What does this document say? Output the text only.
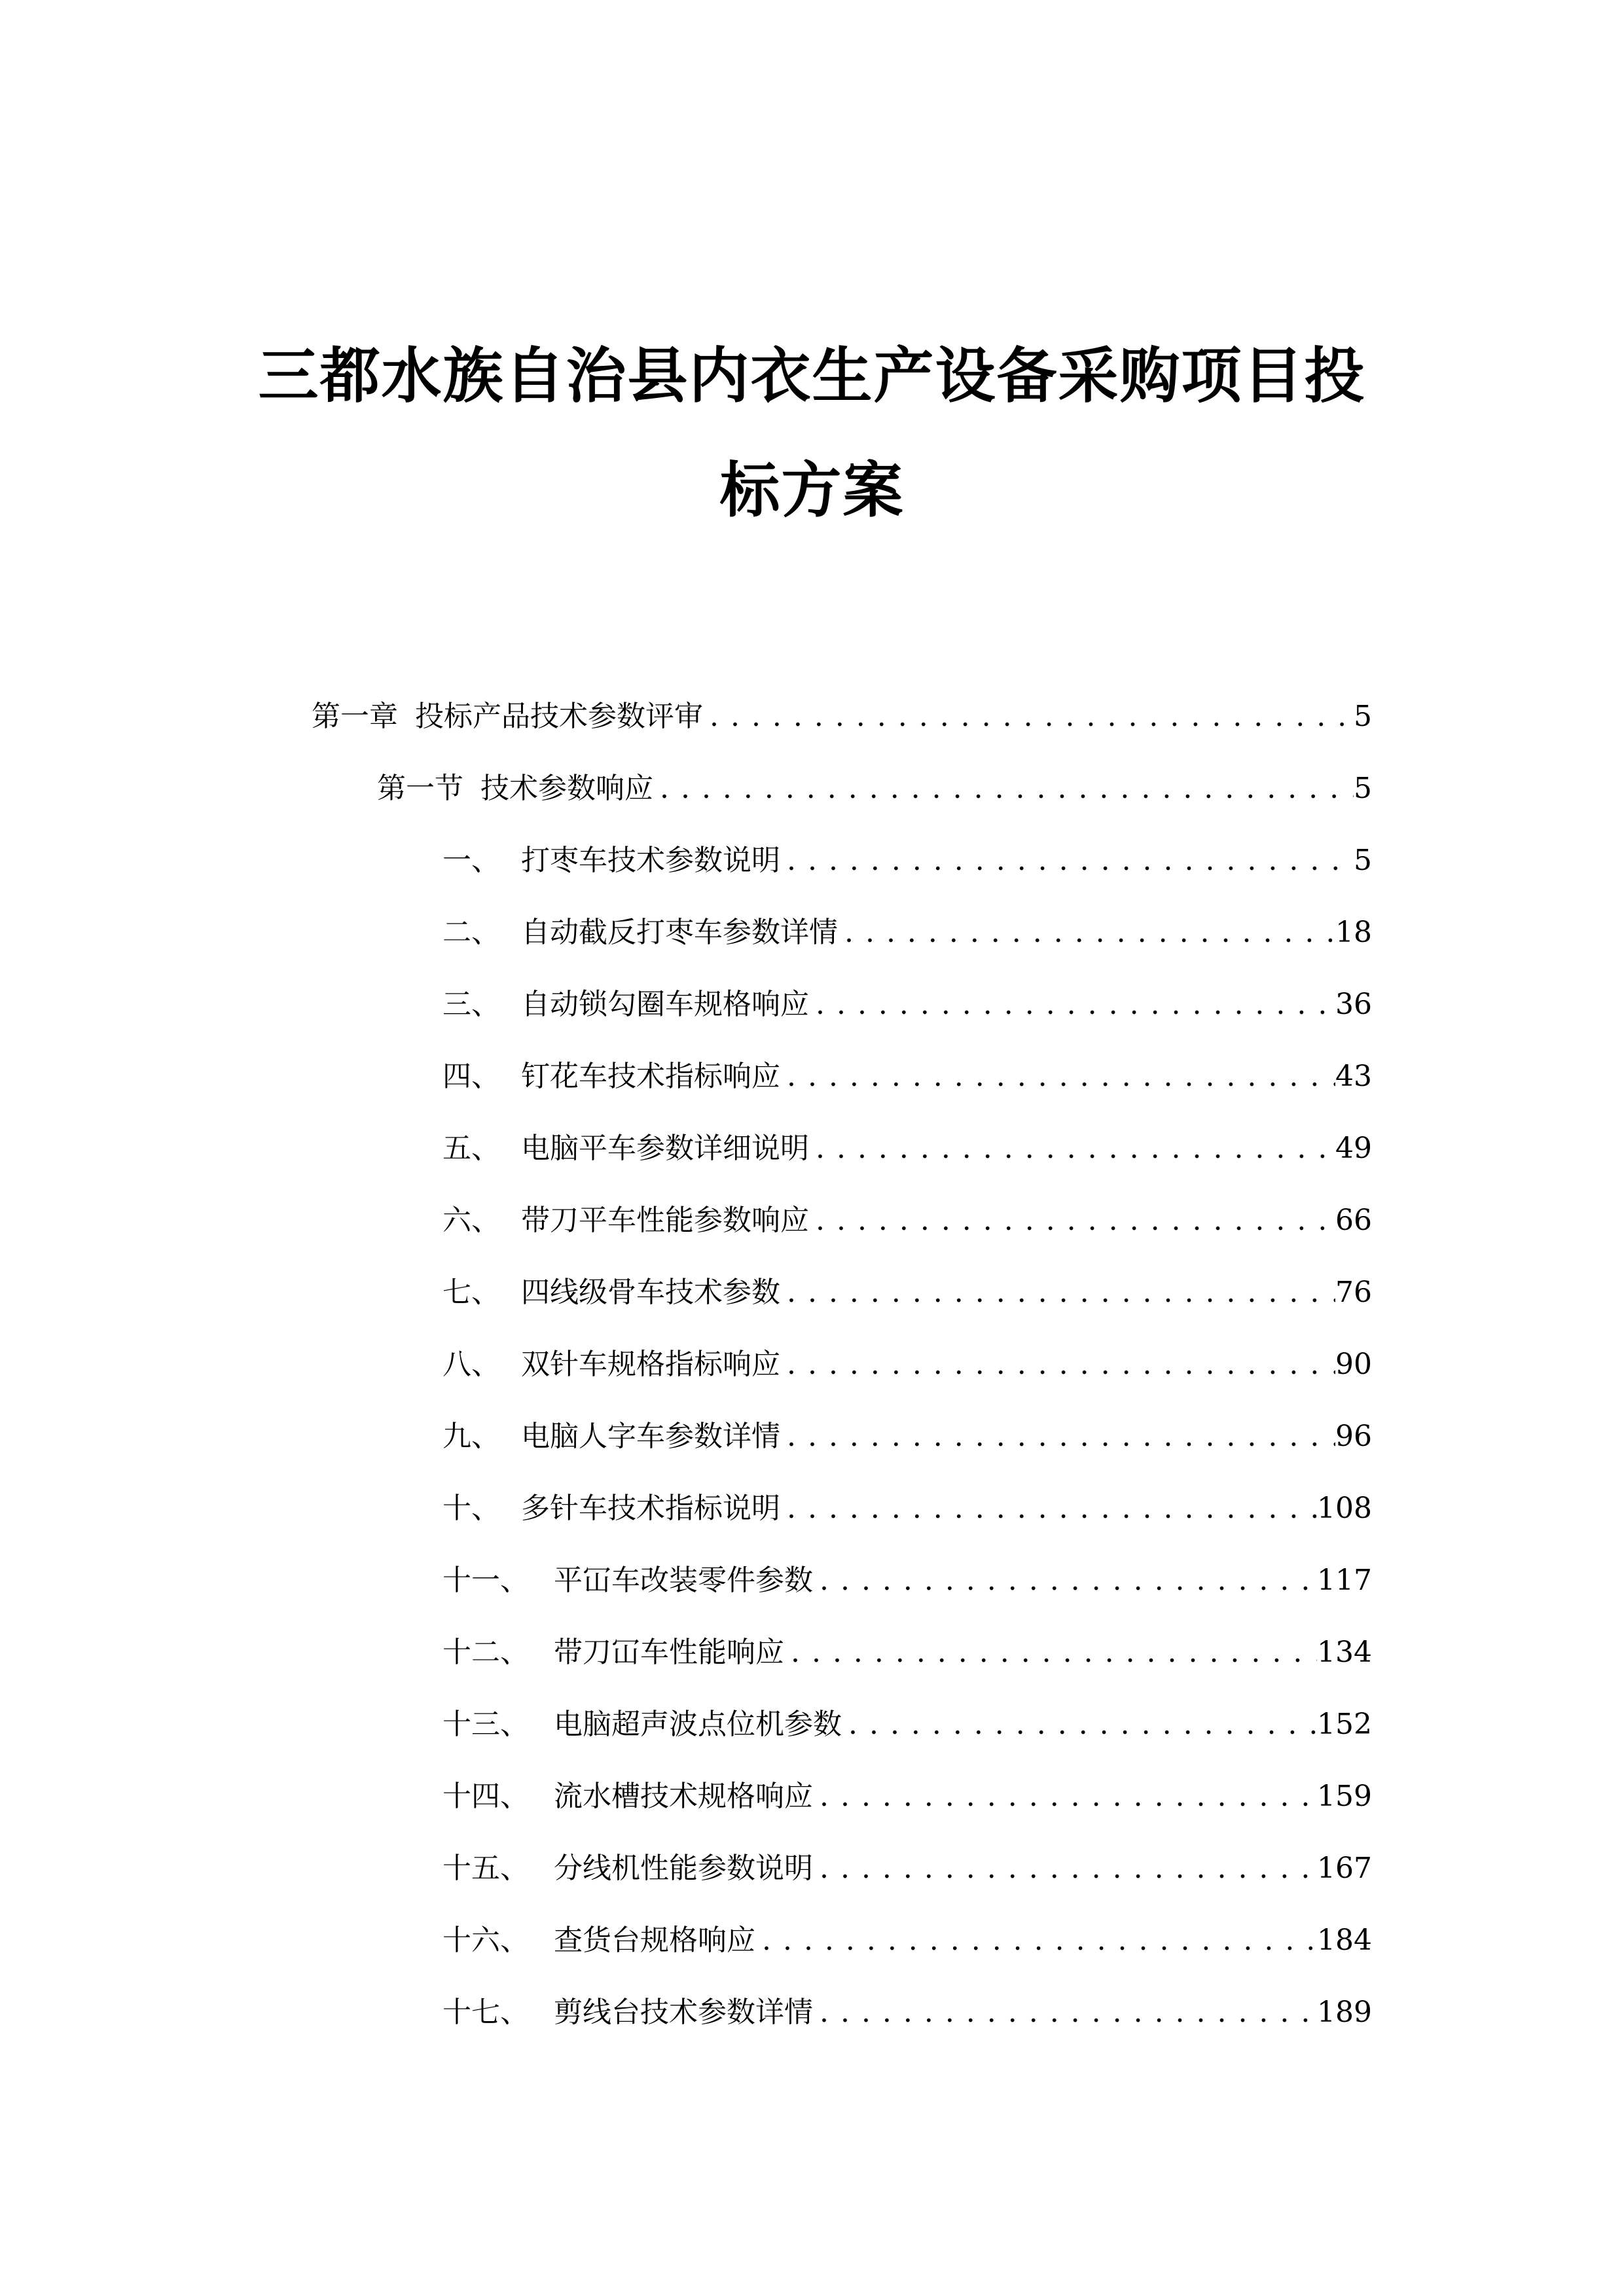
三都水族自治县内衣生产设备采购项目投
标方案
第一章 投标产品技术参数评审 . . .	5
第一节 技术参数响应 . . .	5
一、 打枣车技术参数说明 . . .	5
二、 自动截反打枣车参数详情 . . .	18
三、 自动锁勾圈车规格响应 . . .	36
四、 钉花车技术指标响应 . . .	43
五、 电脑平车参数详细说明 . . .	49
六、 带刀平车性能参数响应 . . .	66
七、 四线级骨车技术参数 . . .	76
八、 双针车规格指标响应 . . .	90
九、 电脑人字车参数详情 . . .	96
十、 多针车技术指标说明 . . .	108
十一、 平冚车改装零件参数 . . .	117
十二、 带刀冚车性能响应 . . .	134
十三、 电脑超声波点位机参数 . . .	152
十四、 流水槽技术规格响应 . . .	159
十五、 分线机性能参数说明 . . .	167
十六、 查货台规格响应 . . .	184
十七、 剪线台技术参数详情 . . .	189
